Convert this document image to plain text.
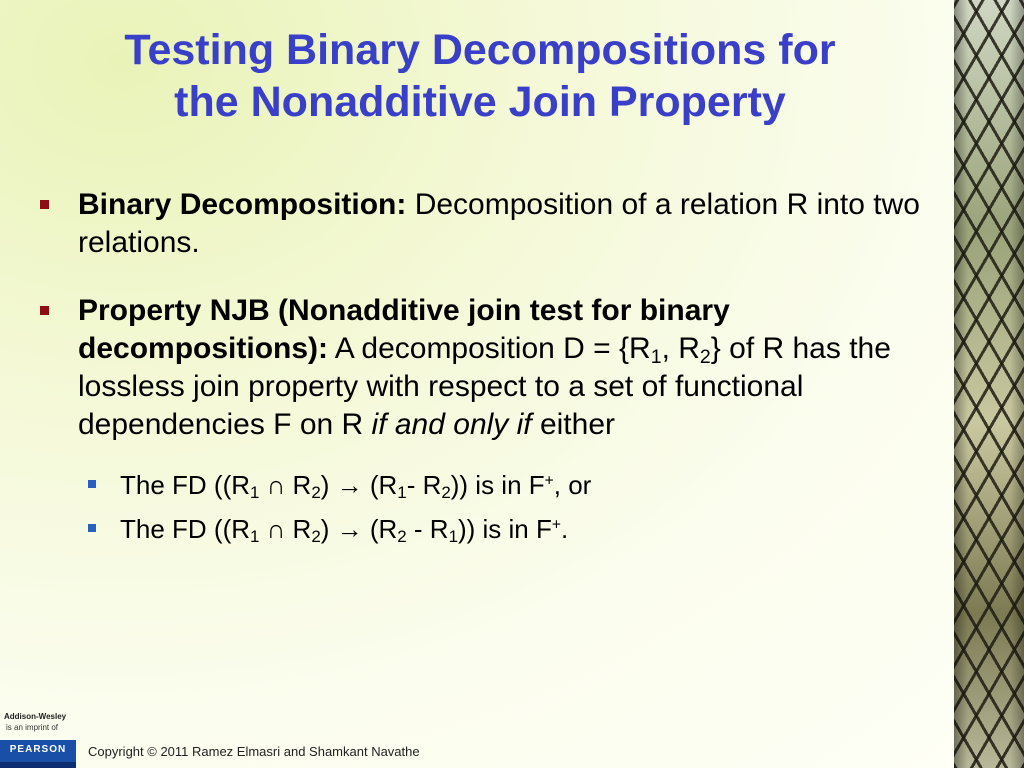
Testing Binary Decompositions for
the Nonadditive Join Property
Binary Decomposition: Decomposition of a relation R into two relations.
Property NJB (Nonadditive join test for binary decompositions): A decomposition $D = \{R_1$, $R_2$} of R has the lossless join property with respect to a set of functional dependencies F on R if and only if either
The FD (($R_1$ ∩ $R_2) \to (R_1-$ $R_2$)) is in F+, or
The FD (($R_1$ ∩ $R_2) \to (R_2 - R_1)$) is in F+.
Addison-Wesley
is an imprint of
PEARSON	Copyright © 2011 Ramez Elmasri and Shamkant Navathe
